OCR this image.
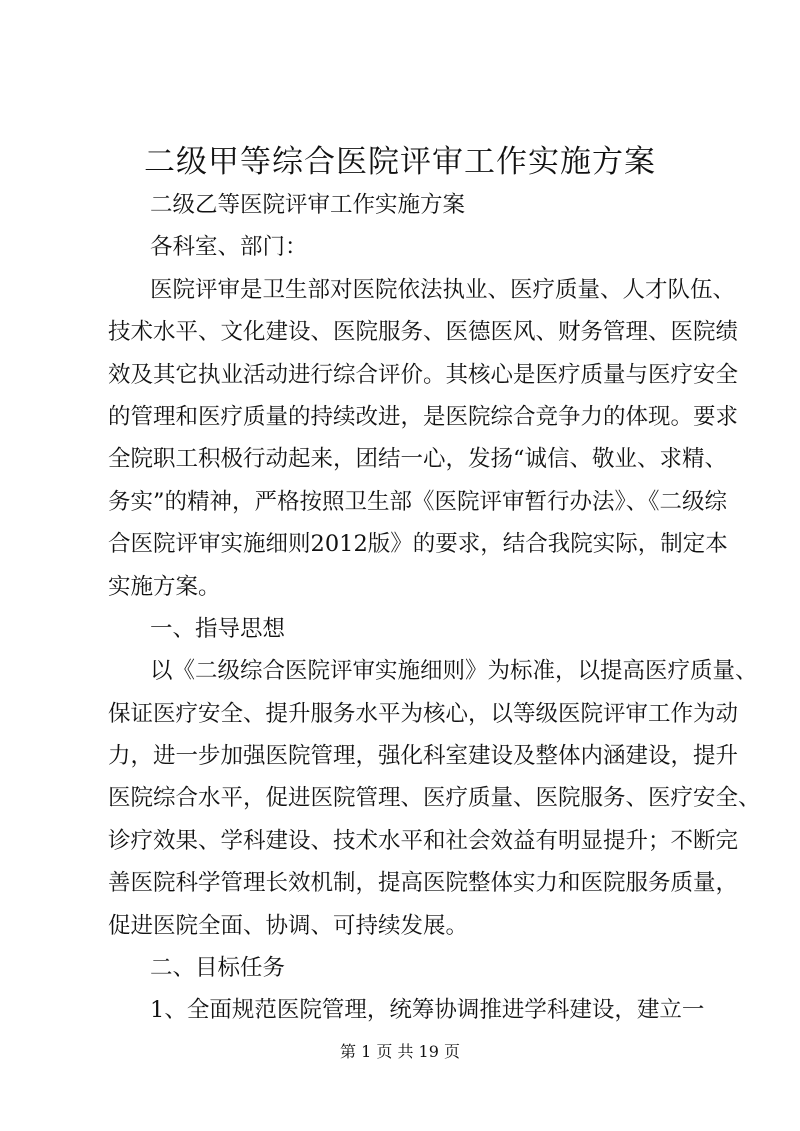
二级甲等综合医院评审工作实施方案
二级乙等医院评审工作实施方案
各科室、部门：
医院评审是卫生部对医院依法执业、医疗质量、人才队伍、
技术水平、文化建设、医院服务、医德医风、财务管理、医院绩
效及其它执业活动进行综合评价。其核心是医疗质量与医疗安全
的管理和医疗质量的持续改进，是医院综合竞争力的体现。要求
全院职工积极行动起来，团结一心，发扬“诚信、敬业、求精、
务实”的精神，严格按照卫生部《医院评审暂行办法》、《二级综
合医院评审实施细则2012版》的要求，结合我院实际，制定本
实施方案。
一、指导思想
以《二级综合医院评审实施细则》为标准，以提高医疗质量、
保证医疗安全、提升服务水平为核心，以等级医院评审工作为动
力，进一步加强医院管理，强化科室建设及整体内涵建设，提升
医院综合水平，促进医院管理、医疗质量、医院服务、医疗安全、
诊疗效果、学科建设、技术水平和社会效益有明显提升；不断完
善医院科学管理长效机制，提高医院整体实力和医院服务质量，
促进医院全面、协调、可持续发展。
二、目标任务
1、全面规范医院管理，统筹协调推进学科建设，建立一
第 1 页 共 19 页
